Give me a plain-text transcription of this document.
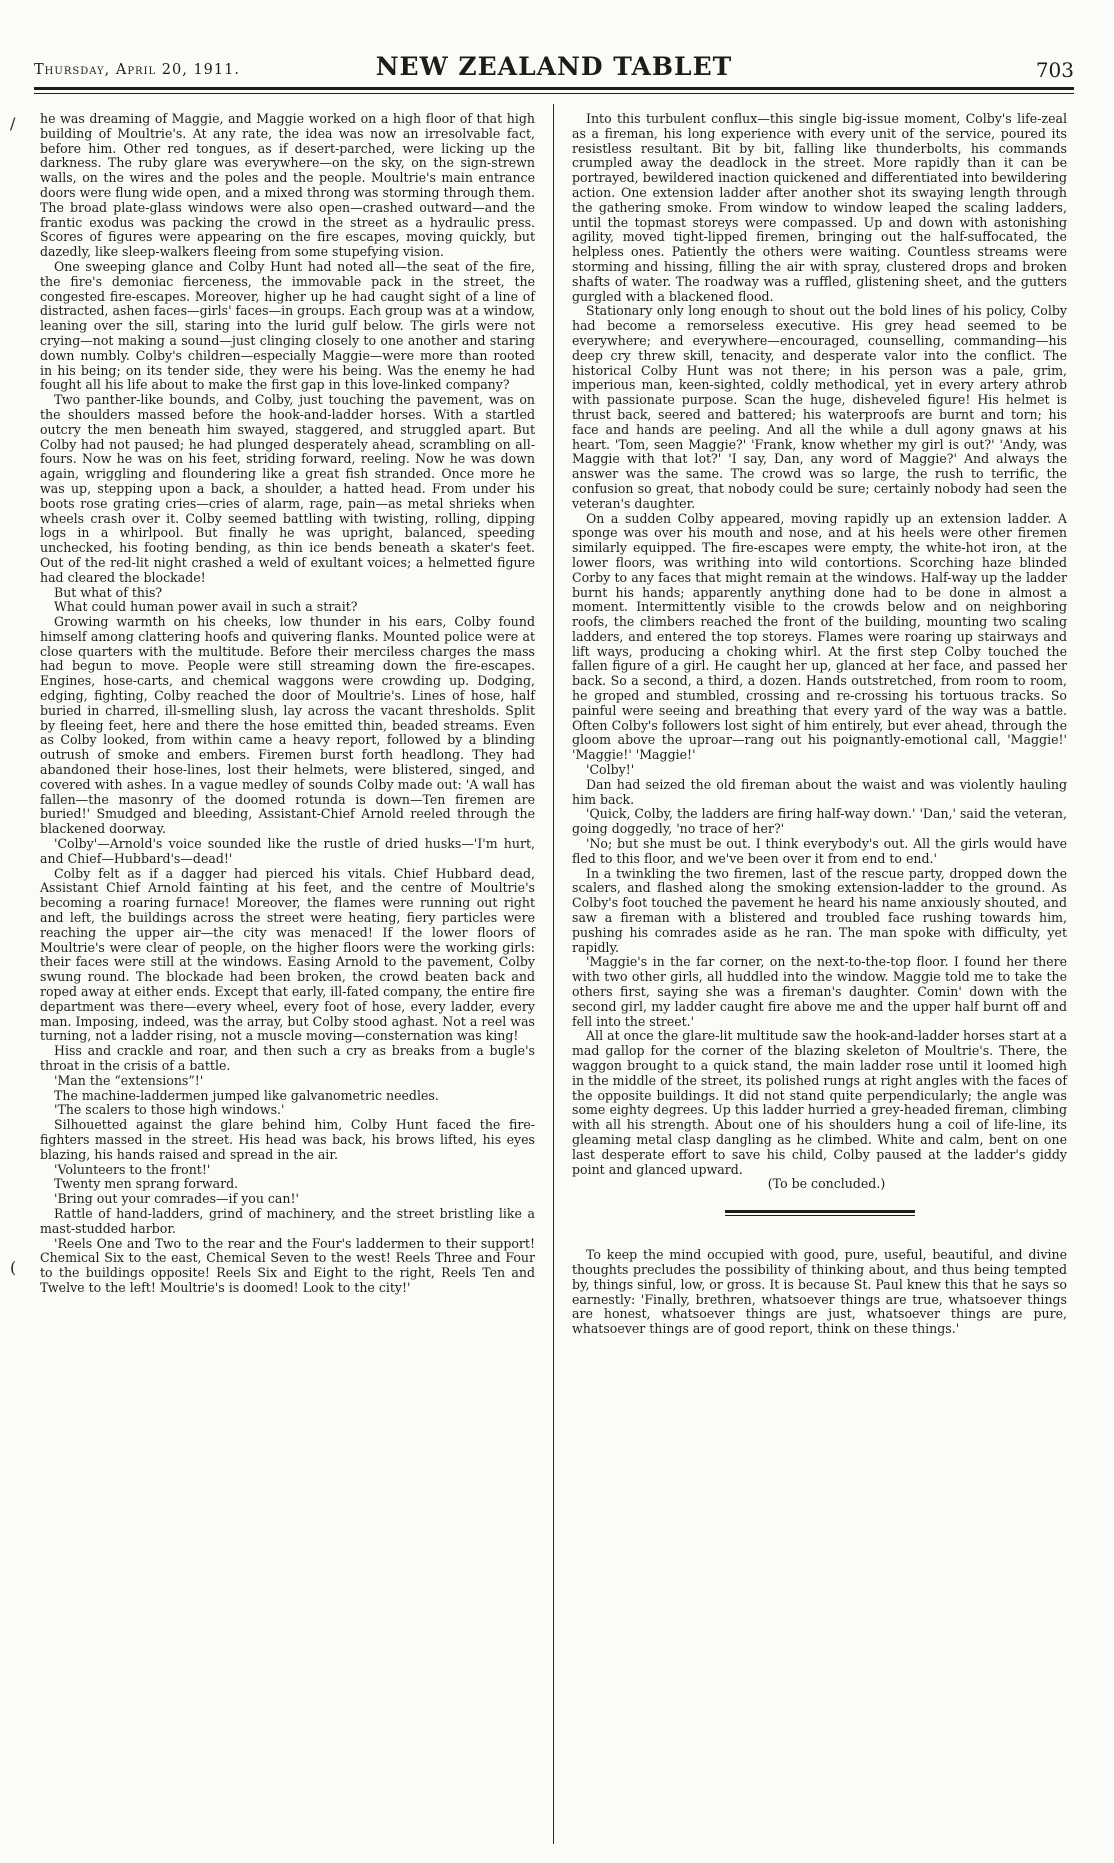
Thursday, April 20, 1911.	NEW ZEALAND TABLET	703
/
(

he was dreaming of Maggie, and Maggie worked on a high floor of that high building of Moultrie's. At any rate, the idea was now an irresolvable fact, before him. Other red tongues, as if desert-parched, were licking up the darkness. The ruby glare was everywhere—on the sky, on the sign-strewn walls, on the wires and the poles and the people. Moultrie's main entrance doors were flung wide open, and a mixed throng was storming through them. The broad plate-glass windows were also open—crashed outward—and the frantic exodus was packing the crowd in the street as a hydraulic press. Scores of figures were appearing on the fire escapes, moving quickly, but dazedly, like sleep-walkers fleeing from some stupefying vision.

One sweeping glance and Colby Hunt had noted all—the seat of the fire, the fire's demoniac fierceness, the immovable pack in the street, the congested fire-escapes. Moreover, higher up he had caught sight of a line of distracted, ashen faces—girls' faces—in groups. Each group was at a window, leaning over the sill, staring into the lurid gulf below. The girls were not crying—not making a sound—just clinging closely to one another and staring down numbly. Colby's children—especially Maggie—were more than rooted in his being; on its tender side, they were his being. Was the enemy he had fought all his life about to make the first gap in this love-linked company?

Two panther-like bounds, and Colby, just touching the pavement, was on the shoulders massed before the hook-and-ladder horses. With a startled outcry the men beneath him swayed, staggered, and struggled apart. But Colby had not paused; he had plunged desperately ahead, scrambling on all-fours. Now he was on his feet, striding forward, reeling. Now he was down again, wriggling and floundering like a great fish stranded. Once more he was up, stepping upon a back, a shoulder, a hatted head. From under his boots rose grating cries—cries of alarm, rage, pain—as metal shrieks when wheels crash over it. Colby seemed battling with twisting, rolling, dipping logs in a whirlpool. But finally he was upright, balanced, speeding unchecked, his footing bending, as thin ice bends beneath a skater's feet. Out of the red-lit night crashed a weld of exultant voices; a helmetted figure had cleared the blockade!

But what of this?

What could human power avail in such a strait?

Growing warmth on his cheeks, low thunder in his ears, Colby found himself among clattering hoofs and quivering flanks. Mounted police were at close quarters with the multitude. Before their merciless charges the mass had begun to move. People were still streaming down the fire-escapes. Engines, hose-carts, and chemical waggons were crowding up. Dodging, edging, fighting, Colby reached the door of Moultrie's. Lines of hose, half buried in charred, ill-smelling slush, lay across the vacant thresholds. Split by fleeing feet, here and there the hose emitted thin, beaded streams. Even as Colby looked, from within came a heavy report, followed by a blinding outrush of smoke and embers. Firemen burst forth headlong. They had abandoned their hose-lines, lost their helmets, were blistered, singed, and covered with ashes. In a vague medley of sounds Colby made out: 'A wall has fallen—the masonry of the doomed rotunda is down—Ten firemen are buried!' Smudged and bleeding, Assistant-Chief Arnold reeled through the blackened doorway.

'Colby'—Arnold's voice sounded like the rustle of dried husks—'I'm hurt, and Chief—Hubbard's—dead!'

Colby felt as if a dagger had pierced his vitals. Chief Hubbard dead, Assistant Chief Arnold fainting at his feet, and the centre of Moultrie's becoming a roaring furnace! Moreover, the flames were running out right and left, the buildings across the street were heating, fiery particles were reaching the upper air—the city was menaced! If the lower floors of Moultrie's were clear of people, on the higher floors were the working girls: their faces were still at the windows. Easing Arnold to the pavement, Colby swung round. The blockade had been broken, the crowd beaten back and roped away at either ends. Except that early, ill-fated company, the entire fire department was there—every wheel, every foot of hose, every ladder, every man. Imposing, indeed, was the array, but Colby stood aghast. Not a reel was turning, not a ladder rising, not a muscle moving—consternation was king!

Hiss and crackle and roar, and then such a cry as breaks from a bugle's throat in the crisis of a battle.

'Man the “extensions”!'

The machine-laddermen jumped like galvanometric needles.

'The scalers to those high windows.'

Silhouetted against the glare behind him, Colby Hunt faced the fire-fighters massed in the street. His head was back, his brows lifted, his eyes blazing, his hands raised and spread in the air.

'Volunteers to the front!'

Twenty men sprang forward.

'Bring out your comrades—if you can!'

Rattle of hand-ladders, grind of machinery, and the street bristling like a mast-studded harbor.

'Reels One and Two to the rear and the Four's laddermen to their support! Chemical Six to the east, Chemical Seven to the west! Reels Three and Four to the buildings opposite! Reels Six and Eight to the right, Reels Ten and Twelve to the left! Moultrie's is doomed! Look to the city!'

Into this turbulent conflux—this single big-issue moment, Colby's life-zeal as a fireman, his long experience with every unit of the service, poured its resistless resultant. Bit by bit, falling like thunderbolts, his commands crumpled away the deadlock in the street. More rapidly than it can be portrayed, bewildered inaction quickened and differentiated into bewildering action. One extension ladder after another shot its swaying length through the gathering smoke. From window to window leaped the scaling ladders, until the topmast storeys were compassed. Up and down with astonishing agility, moved tight-lipped firemen, bringing out the half-suffocated, the helpless ones. Patiently the others were waiting. Countless streams were storming and hissing, filling the air with spray, clustered drops and broken shafts of water. The roadway was a ruffled, glistening sheet, and the gutters gurgled with a blackened flood.

Stationary only long enough to shout out the bold lines of his policy, Colby had become a remorseless executive. His grey head seemed to be everywhere; and everywhere—encouraged, counselling, commanding—his deep cry threw skill, tenacity, and desperate valor into the conflict. The historical Colby Hunt was not there; in his person was a pale, grim, imperious man, keen-sighted, coldly methodical, yet in every artery athrob with passionate purpose. Scan the huge, disheveled figure! His helmet is thrust back, seered and battered; his waterproofs are burnt and torn; his face and hands are peeling. And all the while a dull agony gnaws at his heart. 'Tom, seen Maggie?' 'Frank, know whether my girl is out?' 'Andy, was Maggie with that lot?' 'I say, Dan, any word of Maggie?' And always the answer was the same. The crowd was so large, the rush to terrific, the confusion so great, that nobody could be sure; certainly nobody had seen the veteran's daughter.

On a sudden Colby appeared, moving rapidly up an extension ladder. A sponge was over his mouth and nose, and at his heels were other firemen similarly equipped. The fire-escapes were empty, the white-hot iron, at the lower floors, was writhing into wild contortions. Scorching haze blinded Corby to any faces that might remain at the windows. Half-way up the ladder burnt his hands; apparently anything done had to be done in almost a moment. Intermittently visible to the crowds below and on neighboring roofs, the climbers reached the front of the building, mounting two scaling ladders, and entered the top storeys. Flames were roaring up stairways and lift ways, producing a choking whirl. At the first step Colby touched the fallen figure of a girl. He caught her up, glanced at her face, and passed her back. So a second, a third, a dozen. Hands outstretched, from room to room, he groped and stumbled, crossing and re-crossing his tortuous tracks. So painful were seeing and breathing that every yard of the way was a battle. Often Colby's followers lost sight of him entirely, but ever ahead, through the gloom above the uproar—rang out his poignantly-emotional call, 'Maggie!' 'Maggie!' 'Maggie!'

'Colby!'

Dan had seized the old fireman about the waist and was violently hauling him back.

'Quick, Colby, the ladders are firing half-way down.' 'Dan,' said the veteran, going doggedly, 'no trace of her?'

'No; but she must be out. I think everybody's out. All the girls would have fled to this floor, and we've been over it from end to end.'

In a twinkling the two firemen, last of the rescue party, dropped down the scalers, and flashed along the smoking extension-ladder to the ground. As Colby's foot touched the pavement he heard his name anxiously shouted, and saw a fireman with a blistered and troubled face rushing towards him, pushing his comrades aside as he ran. The man spoke with difficulty, yet rapidly.

'Maggie's in the far corner, on the next-to-the-top floor. I found her there with two other girls, all huddled into the window. Maggie told me to take the others first, saying she was a fireman's daughter. Comin' down with the second girl, my ladder caught fire above me and the upper half burnt off and fell into the street.'

All at once the glare-lit multitude saw the hook-and-ladder horses start at a mad gallop for the corner of the blazing skeleton of Moultrie's. There, the waggon brought to a quick stand, the main ladder rose until it loomed high in the middle of the street, its polished rungs at right angles with the faces of the opposite buildings. It did not stand quite perpendicularly; the angle was some eighty degrees. Up this ladder hurried a grey-headed fireman, climbing with all his strength. About one of his shoulders hung a coil of life-line, its gleaming metal clasp dangling as he climbed. White and calm, bent on one last desperate effort to save his child, Colby paused at the ladder's giddy point and glanced upward.

(To be concluded.)

To keep the mind occupied with good, pure, useful, beautiful, and divine thoughts precludes the possibility of thinking about, and thus being tempted by, things sinful, low, or gross. It is because St. Paul knew this that he says so earnestly: 'Finally, brethren, whatsoever things are true, whatsoever things are honest, whatsoever things are just, whatsoever things are pure, whatsoever things are of good report, think on these things.'
